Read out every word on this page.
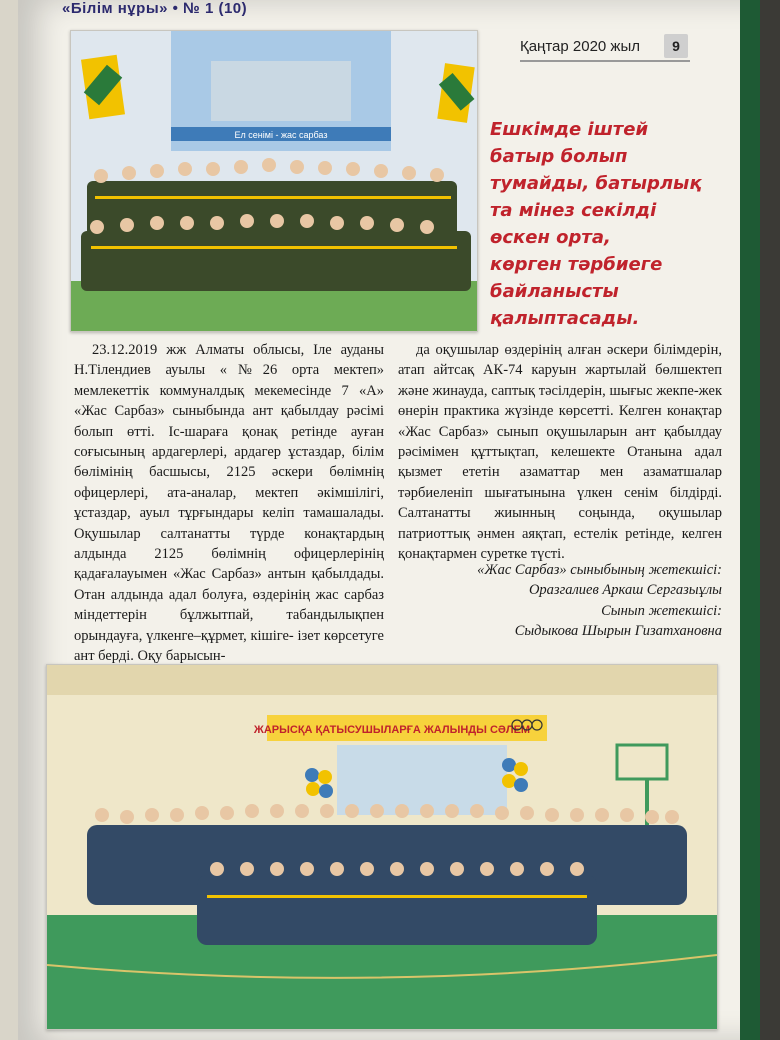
«Білім нұры» • № 1 (10)
Қаңтар 2020 жыл	9
Ел сенімі - жас сарбаз	Ешкімде іштей
батыр болып
тумайды, батырлық
та мінез секілді
өскен орта,
көрген тәрбиеге
байланысты
қалыптасады.

23.12.2019 жж Алматы облысы, Іле ауданы Н.Тілендиев ауылы «№26 орта мектеп» мемлекеттік коммуналдық мекемесінде 7 «А» «Жас Сарбаз» сыныбында ант қабылдау рәсімі болып өтті. Іс-шараға қонақ ретінде ауған соғысының ардагерлері, ардагер ұстаздар, білім бөлімінің басшысы, 2125 әскери бөлімнің офицерлері, ата-аналар, мектеп әкімшілігі, ұстаздар, ауыл тұрғындары келіп тамашалады. Оқушылар салтанатты түрде конақтардың алдында 2125 бөлімнің офицерлерінің қадағалауымен «Жас Сарбаз» антын қабылдады. Отан алдында адал болуға, өздерінің жас сарбаз міндеттерін бұлжытпай, табандылықпен орындауға, үлкенге–құрмет, кішіге- ізет көрсетуге ант берді. Оқу барысын-

да оқушылар өздерінің алған әскери білімдерін, атап айтсақ АК-74 каруын жартылай бөлшектеп және жинауда, саптық тәсілдерін, шығыс жекпе-жек өнерін практика жүзінде көрсетті. Келген конақтар «Жас Сарбаз» сынып оқушыларын ант қабылдау рәсімімен құттықтап, келешекте Отанына адал қызмет ететін азаматтар мен азаматшалар тәрбиеленіп шығатынына үлкен сенім білдірді. Салтанатты жиынның соңында, оқушылар патриоттық әнмен аяқтап, естелік ретінде, келген қонақтармен суретке түсті.

«Жас Сарбаз» сыныбының жетекшісі:
Оразгалиев Аркаш Сергазыұлы
Сынып жетекшісі:
Сыдыкова Шырын Гизатхановна
ЖАРЫСҚА ҚАТЫСУШЫЛАРҒА ЖАЛЫНДЫ СӘЛЕМ
